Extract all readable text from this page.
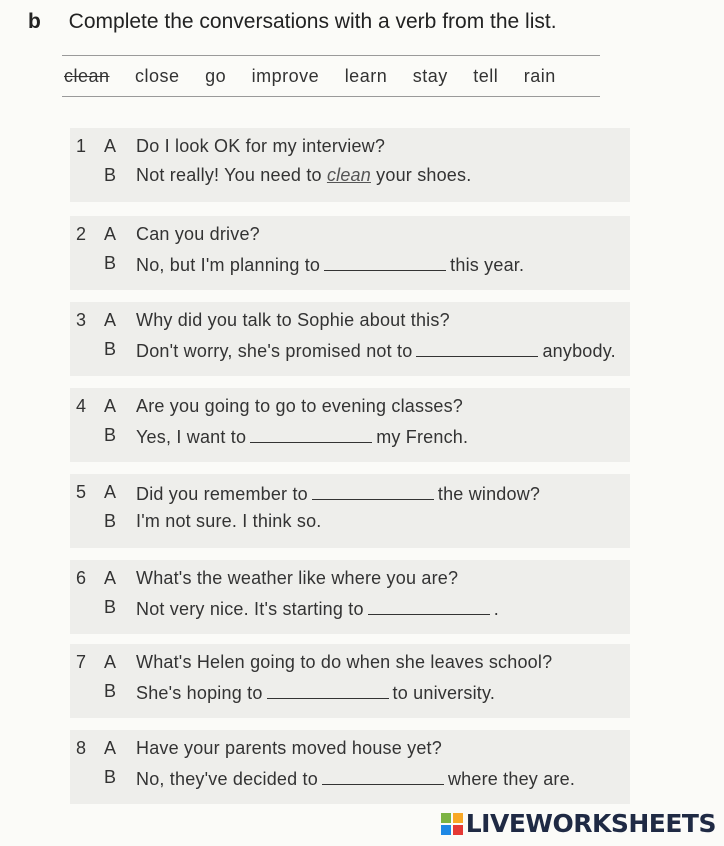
b Complete the conversations with a verb from the list.
clean close go improve learn stay tell rain
1 A Do I look OK for my interview?
B Not really! You need to clean your shoes.
2 A Can you drive?
B No, but I'm planning to	this year.
3 A Why did you talk to Sophie about this?
B Don't worry, she's promised not to	anybody.
4 A Are you going to go to evening classes?
B Yes, I want to	my French.
5 A Did you remember to	the window?
B I'm not sure. I think so.
6 A What's the weather like where you are?
B Not very nice. It's starting to	.
7 A What's Helen going to do when she leaves school?
B She's hoping to	to university.
8 A Have your parents moved house yet?
B No, they've decided to	where they are.
LIVEWORKSHEETS
